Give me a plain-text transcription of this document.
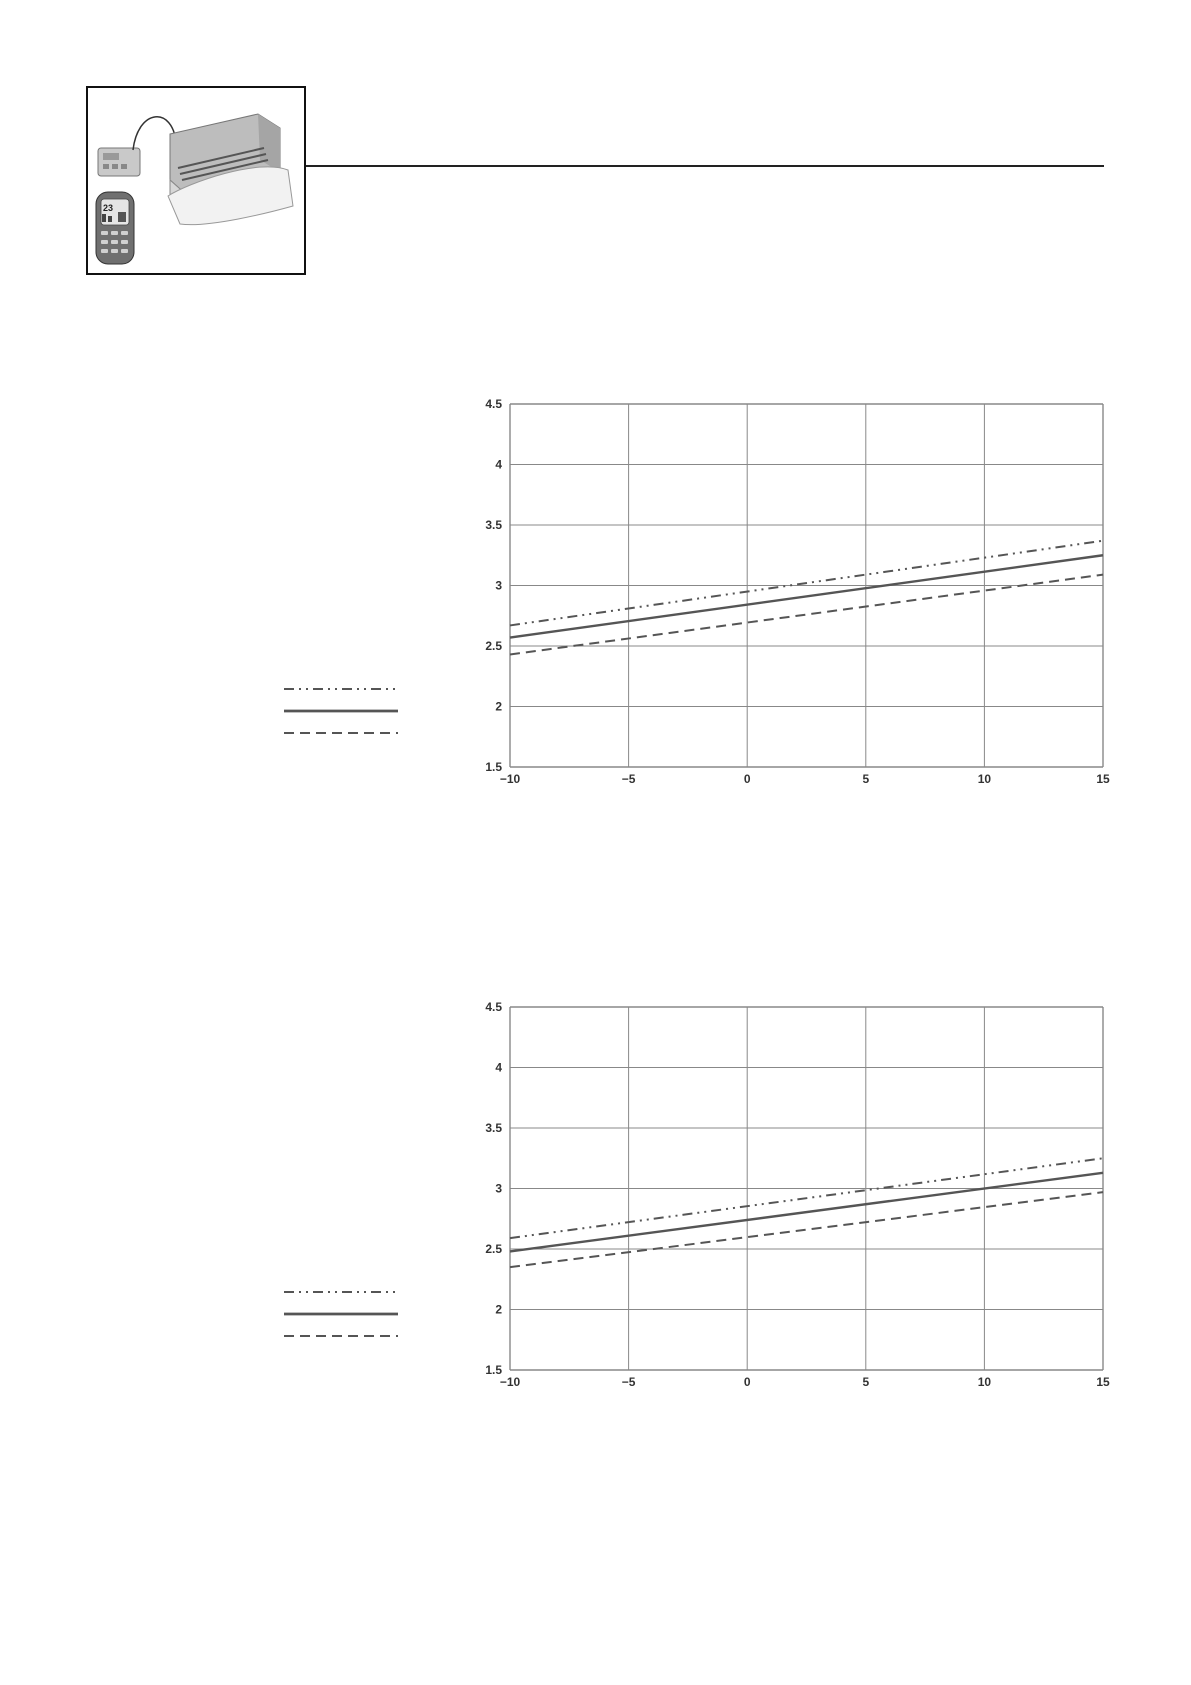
23
1.5
2
2.5
3
3.5
4
4.5
−10	−5	0	5	10	15
1.5
2
2.5
3
3.5
4
4.5
−10	−5	0	5	10	15
